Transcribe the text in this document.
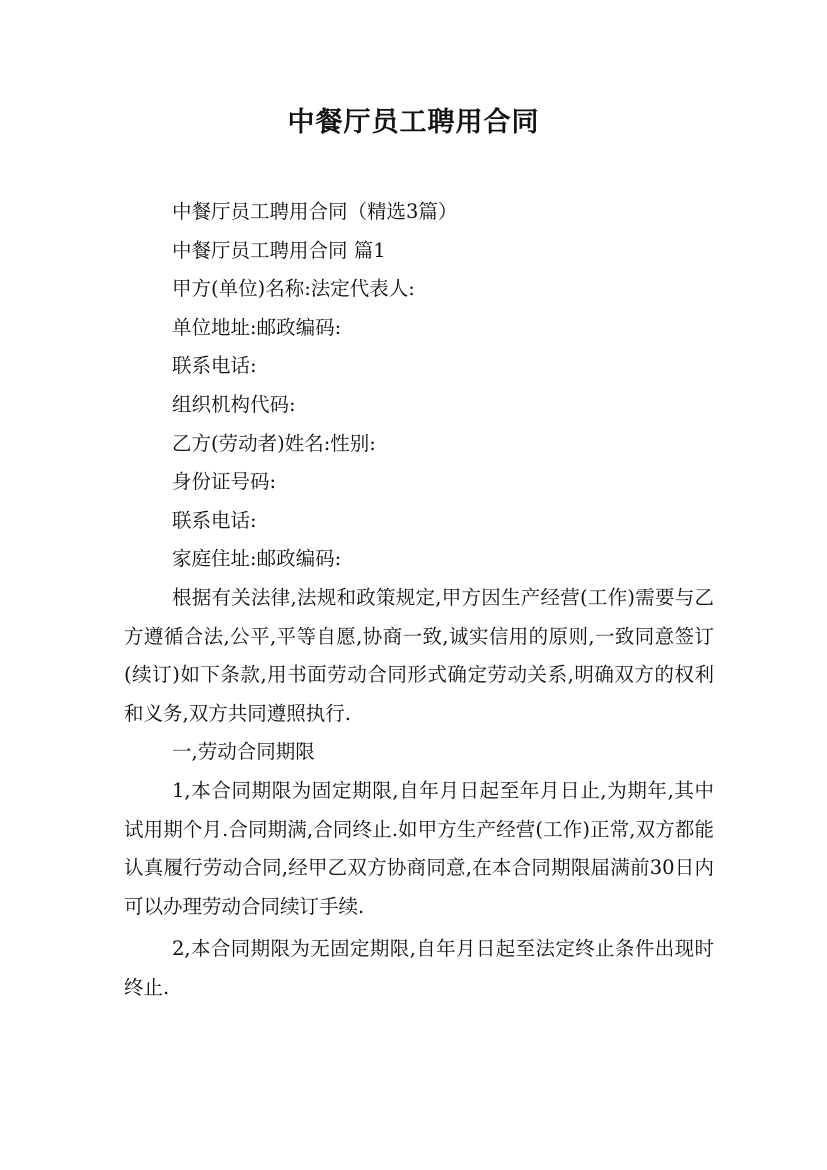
中餐厅员工聘用合同

中餐厅员工聘用合同（精选3篇）

中餐厅员工聘用合同 篇1

甲方(单位)名称:法定代表人:

单位地址:邮政编码:

联系电话:

组织机构代码:

乙方(劳动者)姓名:性别:

身份证号码:

联系电话:

家庭住址:邮政编码:

根据有关法律,法规和政策规定,甲方因生产经营(工作)需要与乙方遵循合法,公平,平等自愿,协商一致,诚实信用的原则,一致同意签订(续订)如下条款,用书面劳动合同形式确定劳动关系,明确双方的权利和义务,双方共同遵照执行.

一,劳动合同期限

1,本合同期限为固定期限,自年月日起至年月日止,为期年,其中试用期个月.合同期满,合同终止.如甲方生产经营(工作)正常,双方都能认真履行劳动合同,经甲乙双方协商同意,在本合同期限届满前30日内可以办理劳动合同续订手续.

2,本合同期限为无固定期限,自年月日起至法定终止条件出现时终止.
